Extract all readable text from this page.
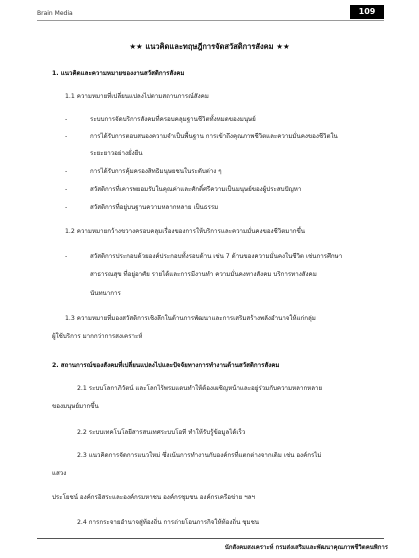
Brain Media	109
★★ แนวคิดและทฤษฎีการจัดสวัสดิการสังคม ★★
1. แนวคิดและความหมายของงานสวัสดิการสังคม
1.1 ความหมายที่เปลี่ยนแปลงไปตามสถานการณ์สังคม
-	ระบบการจัดบริการสังคมที่ครอบคลุมฐานชีวิตทั้งหมดของมนุษย์
-	การได้รับการตอบสนองความจำเป็นพื้นฐาน การเข้าถึงคุณภาพชีวิตและความมั่นคงของชีวิตใน
ระยะยาวอย่างยั่งยืน
-	การได้รับการคุ้มครองสิทธิมนุษยชนในระดับต่าง ๆ
-	สวัสดิการที่เคารพยอมรับในคุณค่าและศักดิ์ศรีความเป็นมนุษย์ของผู้ประสบปัญหา
-	สวัสดิการที่อยู่บนฐานความหลากหลาย เป็นธรรม
1.2 ความหมายกว้างขวางครอบคลุมเรื่องของการให้บริการและความมั่นคงของชีวิตมากขึ้น
-	สวัสดิการประกอบด้วยองค์ประกอบทั้งรอบด้าน เช่น 7 ด้านของความมั่นคงในชีวิต เช่นการศึกษา
สาธารณสุข ที่อยู่อาศัย รายได้และการมีงานทำ ความมั่นคงทางสังคม บริการทางสังคม
นันทนาการ
1.3 ความหมายที่มองสวัสดิการเชิงลึกในด้านการพัฒนาและการเสริมสร้างพลังอำนาจให้แก่กลุ่ม
ผู้ใช้บริการ มากกว่าการสงเคราะห์
2. สถานการณ์ของสังคมที่เปลี่ยนแปลงไปและปัจจัยทางการทำงานด้านสวัสดิการสังคม
2.1 ระบบโลกาภิวัตน์ และโลกไร้พรมแดนทำให้ต้องเผชิญหน้าและอยู่ร่วมกับความหลากหลาย
ของมนุษย์มากขึ้น
2.2 ระบบเทคโนโลยีสารสนเทศระบบโอที ทำให้รับรู้ข้อมูลได้เร็ว
2.3 แนวคิดการจัดการแนวใหม่ ซึ่งเน้นการทำงานกับองค์กรที่แตกต่างจากเดิม เช่น องค์กรไม่
แสวง
ประโยชน์ องค์กรอิสระและองค์กรมหาชน องค์กรชุมชน องค์กรเครือข่าย ฯลฯ
2.4 การกระจายอำนาจสู่ท้องถิ่น การถ่ายโอนภารกิจให้ท้องถิ่น ชุมชน
นักสังคมสงเคราะห์ กรมส่งเสริมและพัฒนาคุณภาพชีวิตคนพิการ
